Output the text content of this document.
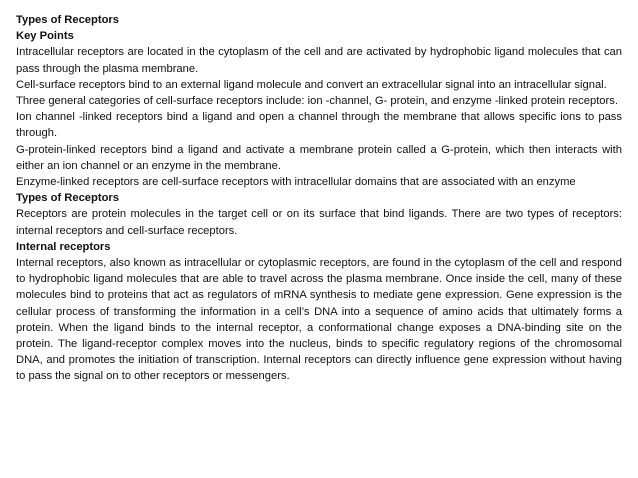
Types of Receptors

Key Points

Intracellular receptors are located in the cytoplasm of the cell and are activated by hydrophobic ligand molecules that can pass through the plasma membrane.

Cell-surface receptors bind to an external ligand molecule and convert an extracellular signal into an intracellular signal.

Three general categories of cell-surface receptors include: ion -channel, G- protein, and enzyme -linked protein receptors.

Ion channel -linked receptors bind a ligand and open a channel through the membrane that allows specific ions to pass through.

G-protein-linked receptors bind a ligand and activate a membrane protein called a G-protein, which then interacts with either an ion channel or an enzyme in the membrane.

Enzyme-linked receptors are cell-surface receptors with intracellular domains that are associated with an enzyme

Types of Receptors

Receptors are protein molecules in the target cell or on its surface that bind ligands. There are two types of receptors: internal receptors and cell-surface receptors.

Internal receptors

Internal receptors, also known as intracellular or cytoplasmic receptors, are found in the cytoplasm of the cell and respond to hydrophobic ligand molecules that are able to travel across the plasma membrane. Once inside the cell, many of these molecules bind to proteins that act as regulators of mRNA synthesis to mediate gene expression. Gene expression is the cellular process of transforming the information in a cell’s DNA into a sequence of amino acids that ultimately forms a protein. When the ligand binds to the internal receptor, a conformational change exposes a DNA-binding site on the protein. The ligand-receptor complex moves into the nucleus, binds to specific regulatory regions of the chromosomal DNA, and promotes the initiation of transcription. Internal receptors can directly influence gene expression without having to pass the signal on to other receptors or messengers.
